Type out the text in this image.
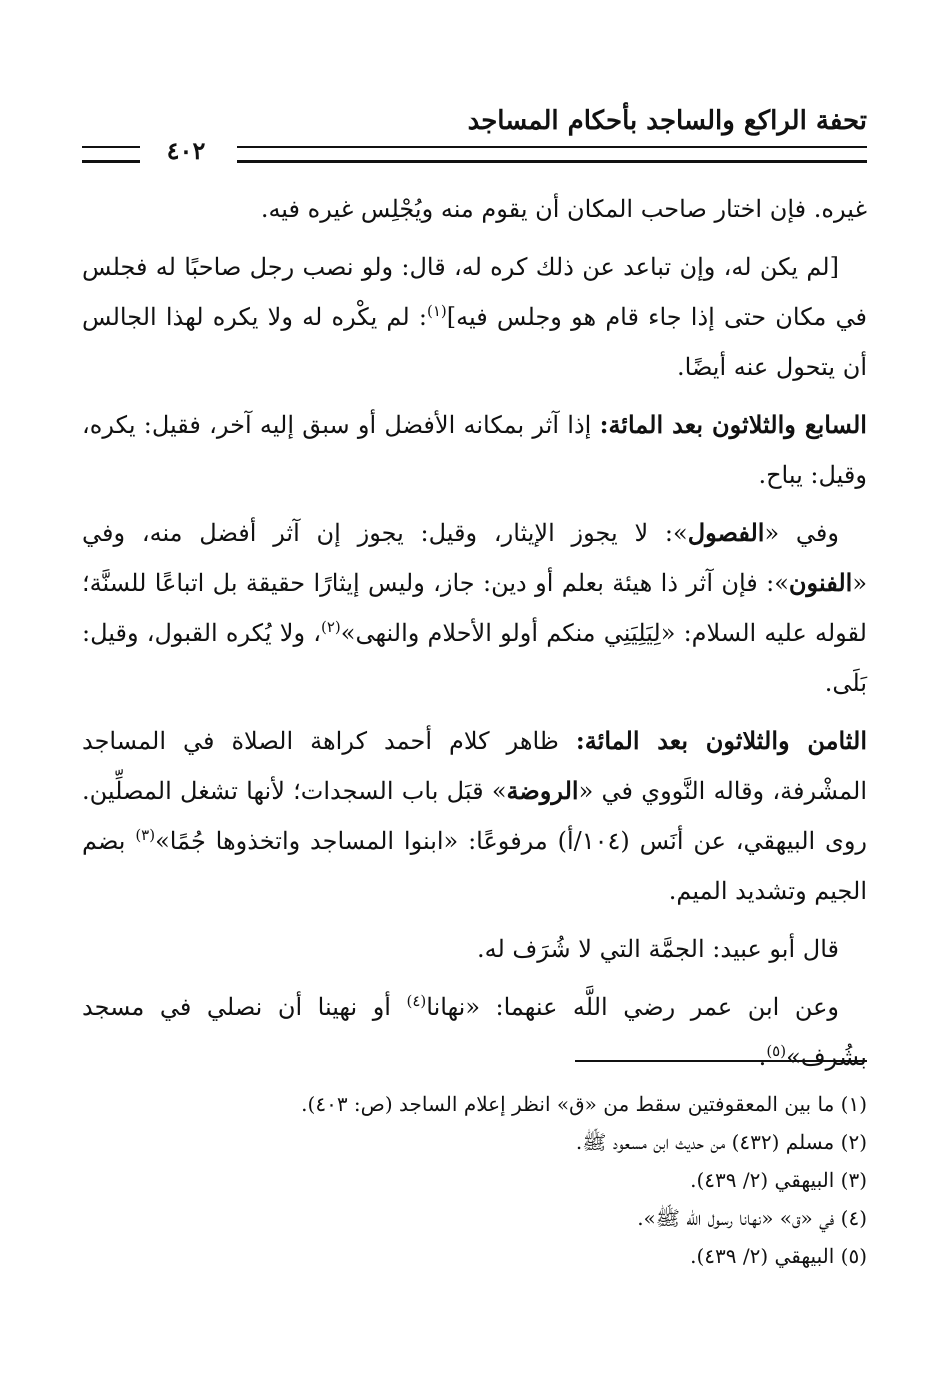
تحفة الراكع والساجد بأحكام المساجد
٤٠٢

غيره. فإن اختار صاحب المكان أن يقوم منه ويُجْلِس غيره فيه.

[لم يكن له، وإن تباعد عن ذلك كره له، قال: ولو نصب رجل صاحبًا له فجلس في مكان حتى إذا جاء قام هو وجلس فيه]$^{(١)}$: لم يكْره له ولا يكره لهذا الجالس أن يتحول عنه أيضًا.

السابع والثلاثون بعد المائة: إذا آثر بمكانه الأفضل أو سبق إليه آخر، فقيل: يكره، وقيل: يباح.

وفي «الفصول»: لا يجوز الإيثار، وقيل: يجوز إن آثر أفضل منه، وفي «الفنون»: فإن آثر ذا هيئة بعلم أو دين: جاز، وليس إيثارًا حقيقة بل اتباعًا للسنَّة؛ لقوله عليه السلام: «لِيَلِيَنِي منكم أولو الأحلام والنهى»$^{(٢)}$، ولا يُكره القبول، وقيل: بَلَى.

الثامن والثلاثون بعد المائة: ظاهر كلام أحمد كراهة الصلاة في المساجد المشْرفة، وقاله النَّووي في «الروضة» قبَل باب السجدات؛ لأنها تشغل المصلِّين. روى البيهقي، عن أنَس (١٠٤/أ) مرفوعًا: «ابنوا المساجد واتخذوها جُمًا»$^{(٣)}$ بضم الجيم وتشديد الميم.

قال أبو عبيد: الجمَّة التي لا شُرَف له.

وعن ابن عمر رضي اللَّه عنهما: «نهانا$^{(٤)}$ أو نهينا أن نصلي في مسجد بشُرف»$^{(٥)}$.

(١) ما بين المعقوفتين سقط من «ق» انظر إعلام الساجد (ص: ٤٠٣).

(٢) مسلم (٤٣٢) من حديث ابن مسعود ﷺ.

(٣) البيهقي (٢/ ٤٣٩).

(٤) في «ق» «نهانا رسول الله ﷺ».

(٥) البيهقي (٢/ ٤٣٩).
